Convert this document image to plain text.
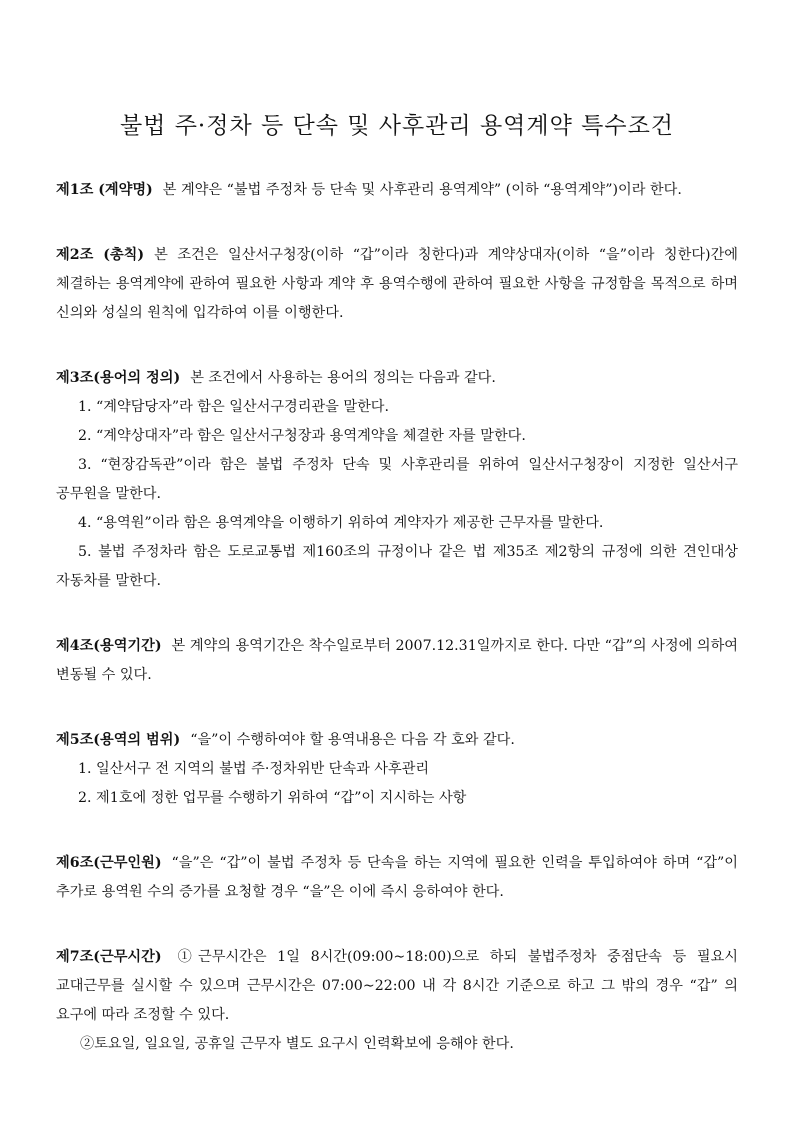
불법 주·정차 등 단속 및 사후관리 용역계약 특수조건

제1조 (계약명) 본 계약은 “불법 주정차 등 단속 및 사후관리 용역계약” (이하 “용역계약”)이라 한다.

제2조 (총칙) 본 조건은 일산서구청장(이하 “갑”이라 칭한다)과 계약상대자(이하 “을”이라 칭한다)간에 체결하는 용역계약에 관하여 필요한 사항과 계약 후 용역수행에 관하여 필요한 사항을 규정함을 목적으로 하며 신의와 성실의 원칙에 입각하여 이를 이행한다.

제3조(용어의 정의) 본 조건에서 사용하는 용어의 정의는 다음과 같다.

1. “계약담당자”라 함은 일산서구경리관을 말한다.

2. “계약상대자”라 함은 일산서구청장과 용역계약을 체결한 자를 말한다.

3. “현장감독관”이라 함은 불법 주정차 단속 및 사후관리를 위하여 일산서구청장이 지정한 일산서구 공무원을 말한다.

4. “용역원”이라 함은 용역계약을 이행하기 위하여 계약자가 제공한 근무자를 말한다.

5. 불법 주정차라 함은 도로교통법 제160조의 규정이나 같은 법 제35조 제2항의 규정에 의한 견인대상 자동차를 말한다.

제4조(용역기간) 본 계약의 용역기간은 착수일로부터 2007.12.31일까지로 한다. 다만 “갑”의 사정에 의하여 변동될 수 있다.

제5조(용역의 범위) “을”이 수행하여야 할 용역내용은 다음 각 호와 같다.

1. 일산서구 전 지역의 불법 주·정차위반 단속과 사후관리

2. 제1호에 정한 업무를 수행하기 위하여 “갑”이 지시하는 사항

제6조(근무인원) “을”은 “갑”이 불법 주정차 등 단속을 하는 지역에 필요한 인력을 투입하여야 하며 “갑”이 추가로 용역원 수의 증가를 요청할 경우 “을”은 이에 즉시 응하여야 한다.

제7조(근무시간) ①근무시간은 1일 8시간(09:00∼18:00)으로 하되 불법주정차 중점단속 등 필요시 교대근무를 실시할 수 있으며 근무시간은 07:00∼22:00 내 각 8시간 기준으로 하고 그 밖의 경우 “갑” 의 요구에 따라 조정할 수 있다.

②토요일, 일요일, 공휴일 근무자 별도 요구시 인력확보에 응해야 한다.
